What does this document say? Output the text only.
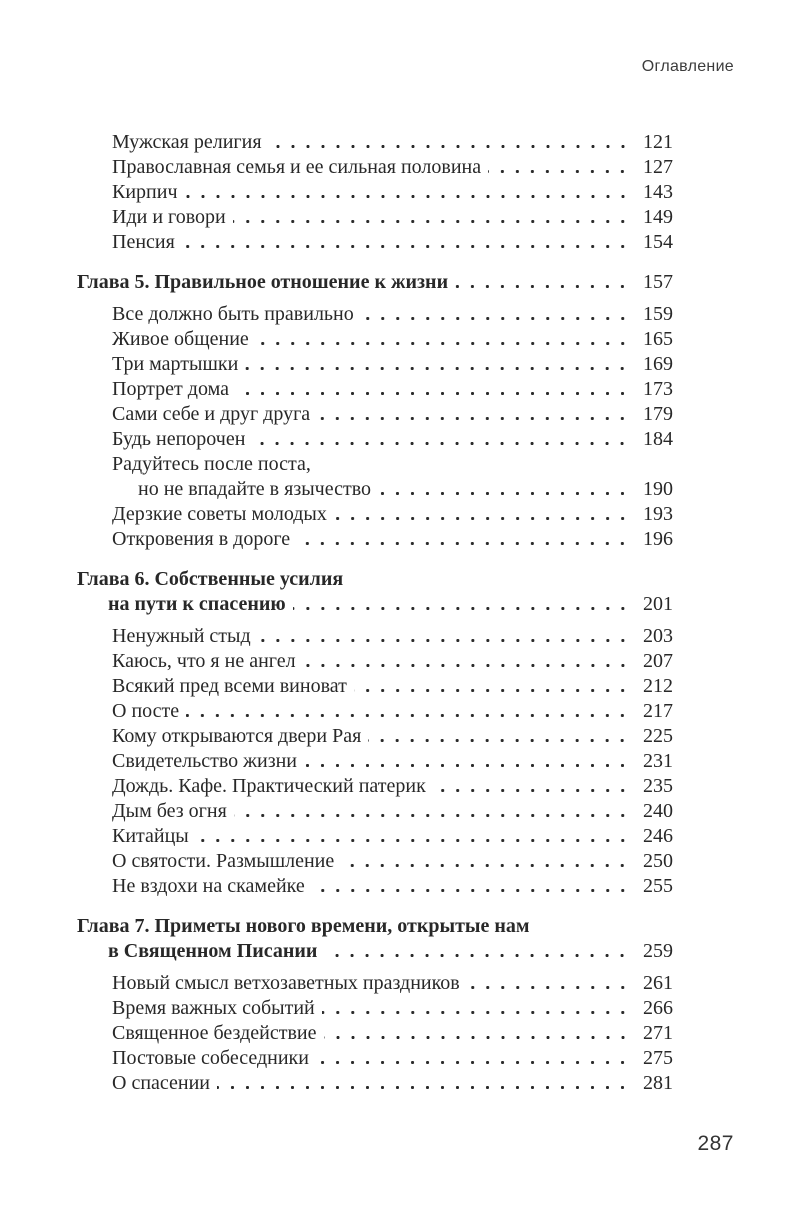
Оглавление
Мужская религия	121
Православная семья и ее сильная половина	127
Кирпич	143
Иди и говори	149
Пенсия	154
Глава 5. Правильное отношение к жизни	157
Все должно быть правильно	159
Живое общение	165
Три мартышки	169
Портрет дома	173
Сами себе и друг друга	179
Будь непорочен	184
Радуйтесь после поста,
но не впадайте в язычество	190
Дерзкие советы молодых	193
Откровения в дороге	196
Глава 6. Собственные усилия
на пути к спасению	201
Ненужный стыд	203
Каюсь, что я не ангел	207
Всякий пред всеми виноват	212
О посте	217
Кому открываются двери Рая	225
Свидетельство жизни	231
Дождь. Кафе. Практический патерик	235
Дым без огня	240
Китайцы	246
О святости. Размышление	250
Не вздохи на скамейке	255
Глава 7. Приметы нового времени, открытые нам
в Священном Писании	259
Новый смысл ветхозаветных праздников	261
Время важных событий	266
Священное бездействие	271
Постовые собеседники	275
О спасении	281
287
